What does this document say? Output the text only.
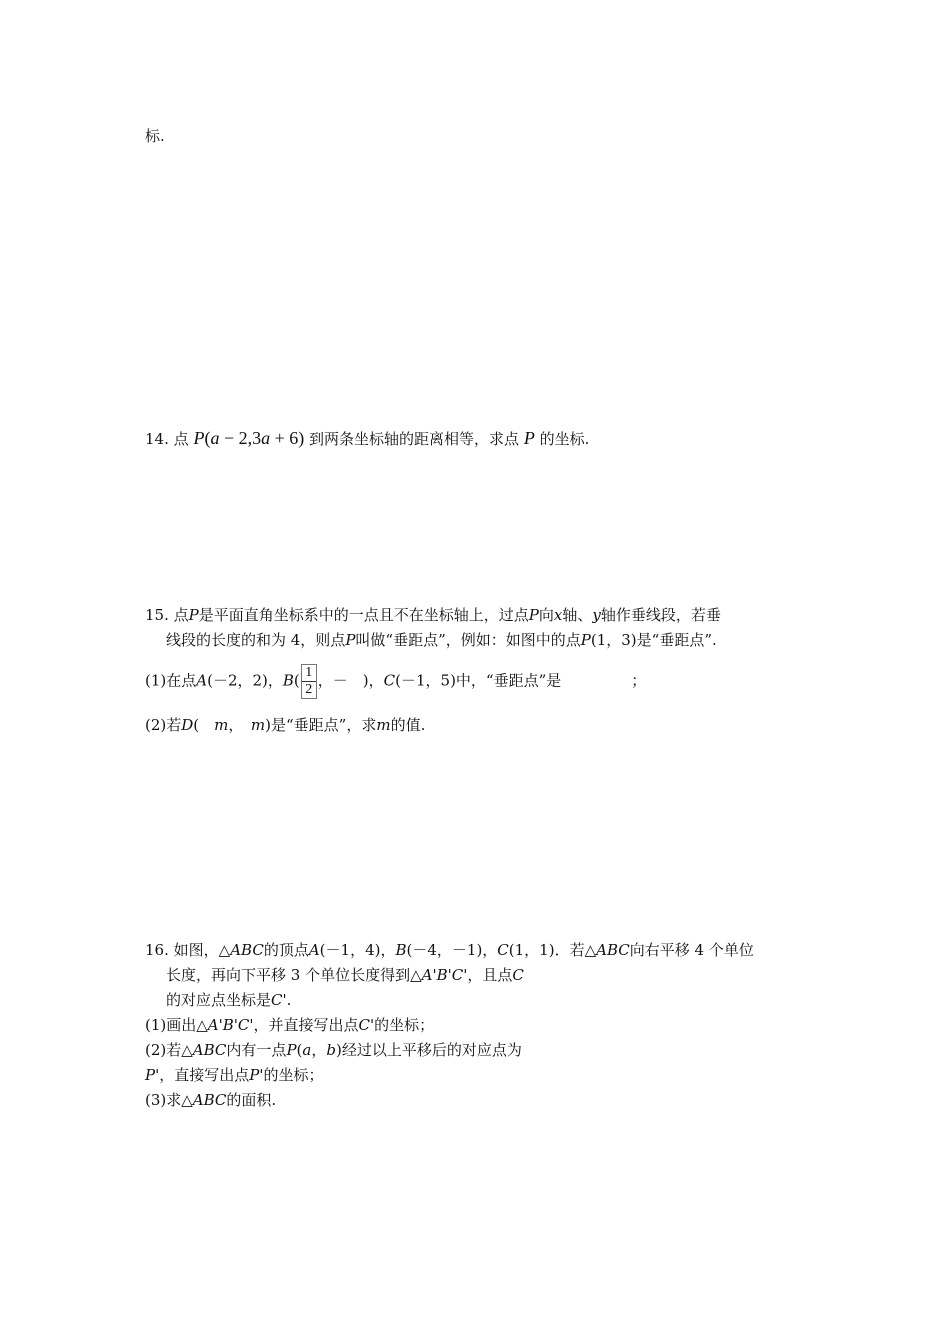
标.
14. 点 P(a − 2,3a + 6) 到两条坐标轴的距离相等，求点 P 的坐标.
15. 点P是平面直角坐标系中的一点且不在坐标轴上，过点P向x轴、y轴作垂线段，若垂
线段的长度的和为 4，则点P叫做“垂距点”，例如：如图中的点P(1，3)是“垂距点”.
(1)在点A(－2，2)，$B( \frac{1}{2}$ ，－　)，C(－1，5)中，“垂距点”是	；
(2)若D(　m，　m)是“垂距点”，求m的值.
16. 如图，△ABC的顶点A(－1，4)，B(－4，－1)，C(1，1)．若△ABC向右平移 4 个单位
长度，再向下平移 3 个单位长度得到△A'B'C'，且点C
的对应点坐标是C'.
(1)画出△A'B'C'，并直接写出点C'的坐标；
(2)若△ABC内有一点P(a，b)经过以上平移后的对应点为
P'，直接写出点P'的坐标；
(3)求△ABC的面积.
